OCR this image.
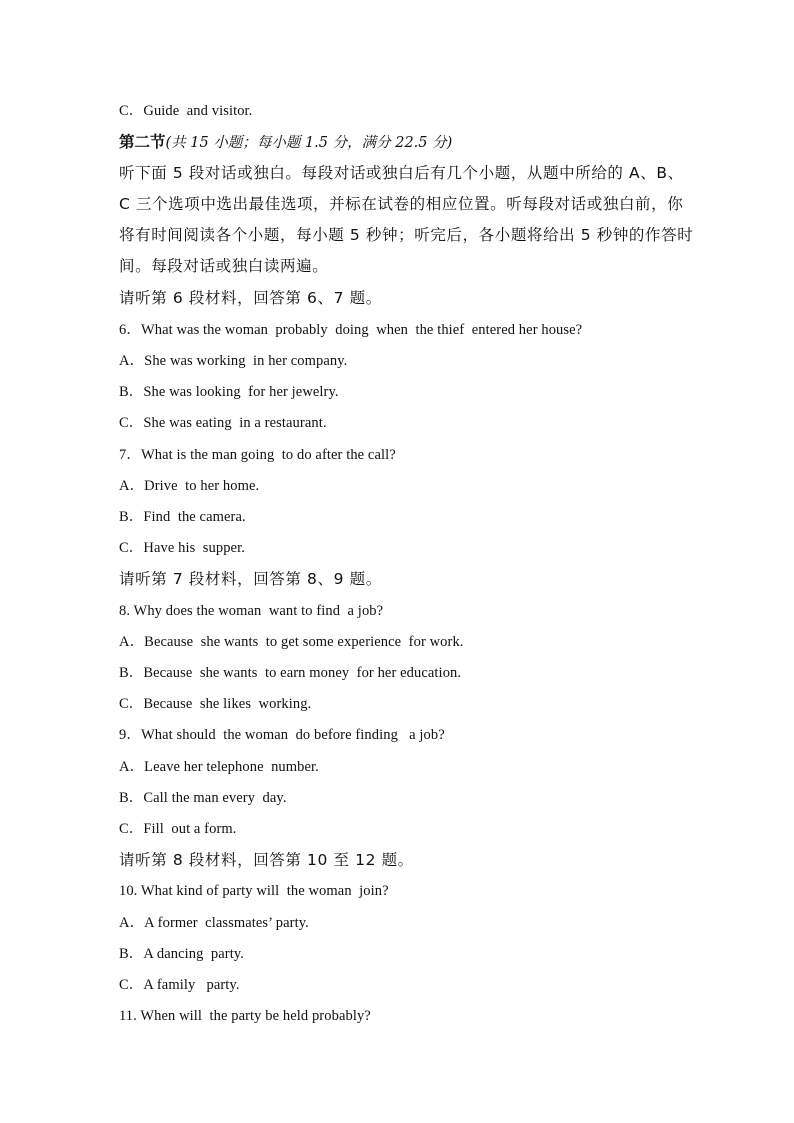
C．Guide  and visitor.
第二节(共 15 小题；每小题 1.5 分，满分 22.5 分)
听下面 5 段对话或独白。每段对话或独白后有几个小题，从题中所给的 A、B、
C 三个选项中选出最佳选项，并标在试卷的相应位置。听每段对话或独白前，你
将有时间阅读各个小题，每小题 5 秒钟；听完后，各小题将给出 5 秒钟的作答时
间。每段对话或独白读两遍。
请听第 6 段材料，回答第 6、7 题。
6．What was the woman  probably  doing  when  the thief  entered her house?
A．She was working  in her company.
B．She was looking  for her jewelry.
C．She was eating  in a restaurant.
7．What is the man going  to do after the call?
A．Drive  to her home.
B．Find  the camera.
C．Have his  supper.
请听第 7 段材料，回答第 8、9 题。
8. Why does the woman  want to find  a job?
A．Because  she wants  to get some experience  for work.
B．Because  she wants  to earn money  for her education.
C．Because  she likes  working.
9．What should  the woman  do before finding   a job?
A．Leave her telephone  number.
B．Call the man every  day.
C．Fill  out a form.
请听第 8 段材料，回答第 10 至 12 题。
10. What kind of party will  the woman  join?
A．A former  classmates’ party.
B．A dancing  party.
C．A family   party.
11. When will  the party be held probably?
